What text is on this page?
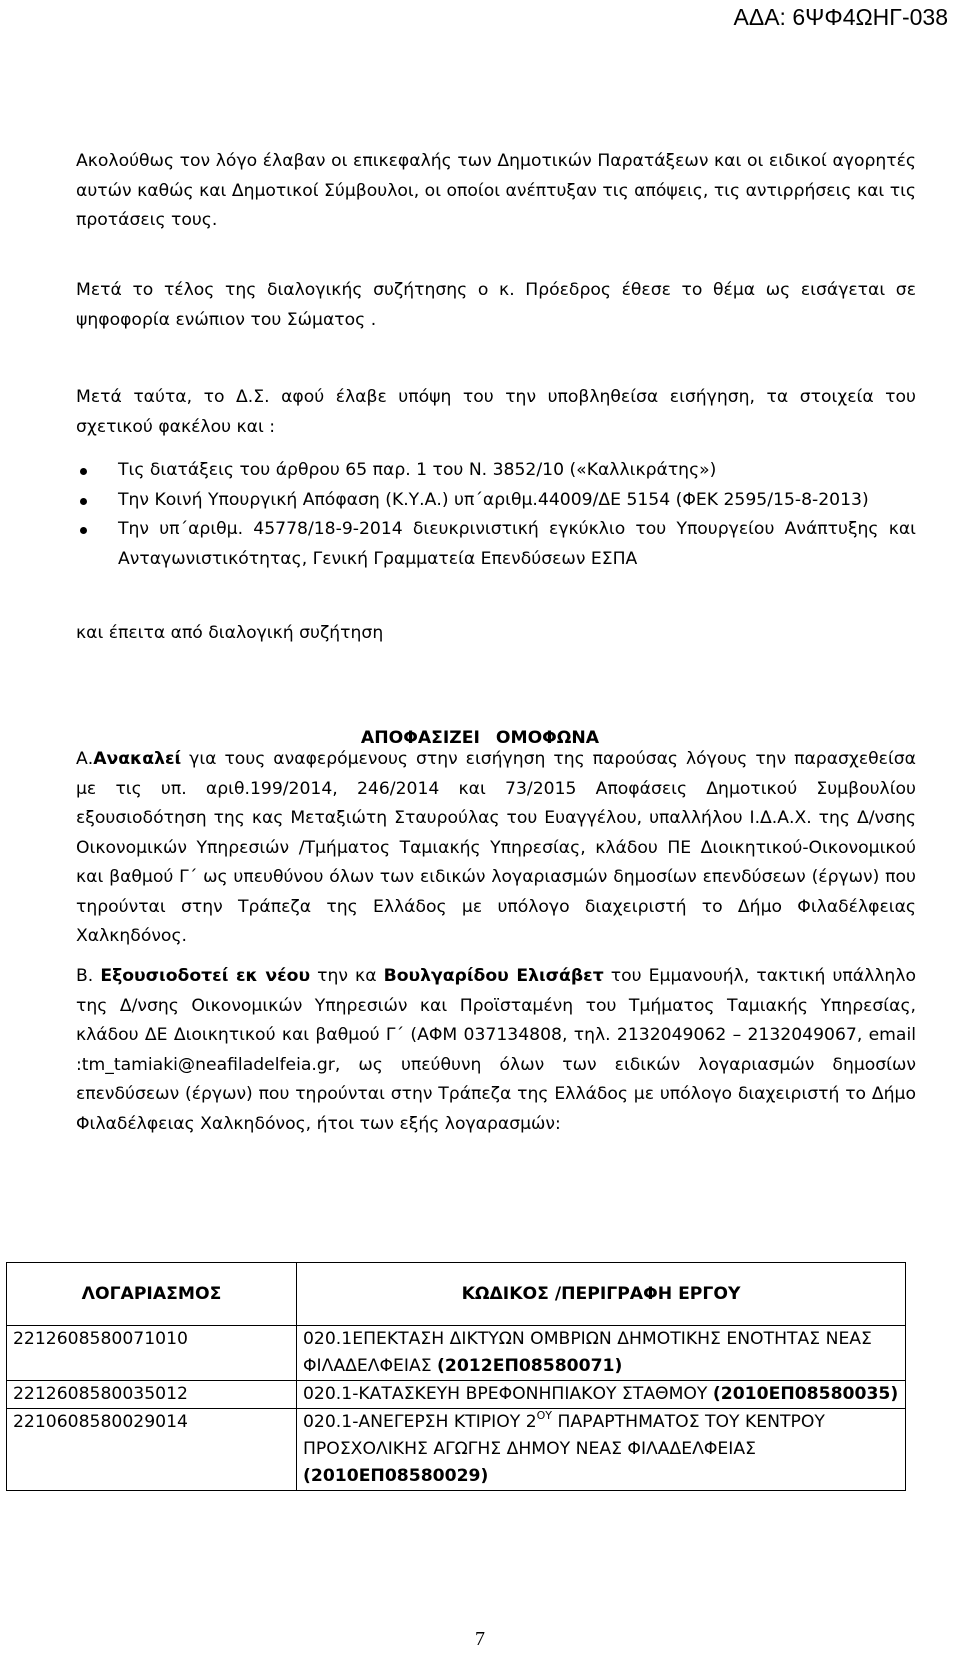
ΑΔΑ: 6ΨΦ4ΩΗΓ-038

Ακολούθως τον λόγο έλαβαν οι επικεφαλής των Δημοτικών Παρατάξεων και οι ειδικοί αγορητές αυτών καθώς και Δημοτικοί Σύμβουλοι, οι οποίοι ανέπτυξαν τις απόψεις, τις αντιρρήσεις και τις προτάσεις τους.

Μετά το τέλος της διαλογικής συζήτησης ο κ. Πρόεδρος έθεσε το θέμα ως εισάγεται σε ψηφοφορία ενώπιον του Σώματος .

Μετά ταύτα, το Δ.Σ. αφού έλαβε υπόψη του την υποβληθείσα εισήγηση, τα στοιχεία του σχετικού φακέλου και :

Τις διατάξεις του άρθρου 65 παρ. 1 του Ν. 3852/10 («Καλλικράτης»)
Την Κοινή Υπουργική Απόφαση (Κ.Υ.Α.) υπ΄αριθμ.44009/ΔΕ 5154 (ΦΕΚ 2595/15-8-2013)
Την υπ΄αριθμ. 45778/18-9-2014 διευκρινιστική εγκύκλιο του Υπουργείου Ανάπτυξης και Ανταγωνιστικότητας, Γενική Γραμματεία Επενδύσεων ΕΣΠΑ

και έπειτα από διαλογική συζήτηση

ΑΠΟΦΑΣΙΖΕΙ ΟΜΟΦΩΝΑ

Α.Ανακαλεί για τους αναφερόμενους στην εισήγηση της παρούσας λόγους την παρασχεθείσα με τις υπ. αριθ.199/2014, 246/2014 και 73/2015 Αποφάσεις Δημοτικού Συμβουλίου εξουσιοδότηση της κας Μεταξιώτη Σταυρούλας του Ευαγγέλου, υπαλλήλου Ι.Δ.Α.Χ. της Δ/νσης Οικονομικών Υπηρεσιών /Τμήματος Ταμιακής Υπηρεσίας, κλάδου ΠΕ Διοικητικού-Οικονομικού και βαθμού Γ΄ ως υπευθύνου όλων των ειδικών λογαριασμών δημοσίων επενδύσεων (έργων) που τηρούνται στην Τράπεζα της Ελλάδος με υπόλογο διαχειριστή το Δήμο Φιλαδέλφειας Χαλκηδόνος.

Β. Εξουσιοδοτεί εκ νέου την κα Βουλγαρίδου Ελισάβετ του Εμμανουήλ, τακτική υπάλληλο της Δ/νσης Οικονομικών Υπηρεσιών και Προϊσταμένη του Τμήματος Ταμιακής Υπηρεσίας, κλάδου ΔΕ Διοικητικού και βαθμού Γ΄ (ΑΦΜ 037134808, τηλ. 2132049062 – 2132049067, email :tm_tamiaki@neafiladelfeia.gr, ως υπεύθυνη όλων των ειδικών λογαριασμών δημοσίων επενδύσεων (έργων) που τηρούνται στην Τράπεζα της Ελλάδος με υπόλογο διαχειριστή το Δήμο Φιλαδέλφειας Χαλκηδόνος, ήτοι των εξής λογαρασμών:

ΛΟΓΑΡΙΑΣΜΟΣ	ΚΩΔΙΚΟΣ /ΠΕΡΙΓΡΑΦΗ ΕΡΓΟΥ
221260858007101​0	020.1ΕΠΕΚΤΑΣΗ ΔΙΚΤΥΩΝ ΟΜΒΡΙΩΝ ΔΗΜΟΤΙΚΗΣ ΕΝΟΤΗΤΑΣ ΝΕΑΣ ΦΙΛΑΔΕΛΦΕΙΑΣ (2012ΕΠ08580071)
2212608580035012	020.1-ΚΑΤΑΣΚΕΥΗ ΒΡΕΦΟΝΗΠΙΑΚΟΥ ΣΤΑΘΜΟΥ (2010ΕΠ08580035)
2210608580029014	020.1-ΑΝΕΓΕΡΣΗ ΚΤΙΡΙΟΥ $2^{O\Upsilon}$ ΠΑΡΑΡΤΗΜΑΤΟΣ ΤΟΥ ΚΕΝΤΡΟΥ ΠΡΟΣΧΟΛΙΚΗΣ ΑΓΩΓΗΣ ΔΗΜΟΥ ΝΕΑΣ ΦΙΛΑΔΕΛΦΕΙΑΣ (2010ΕΠ08580029)
7
